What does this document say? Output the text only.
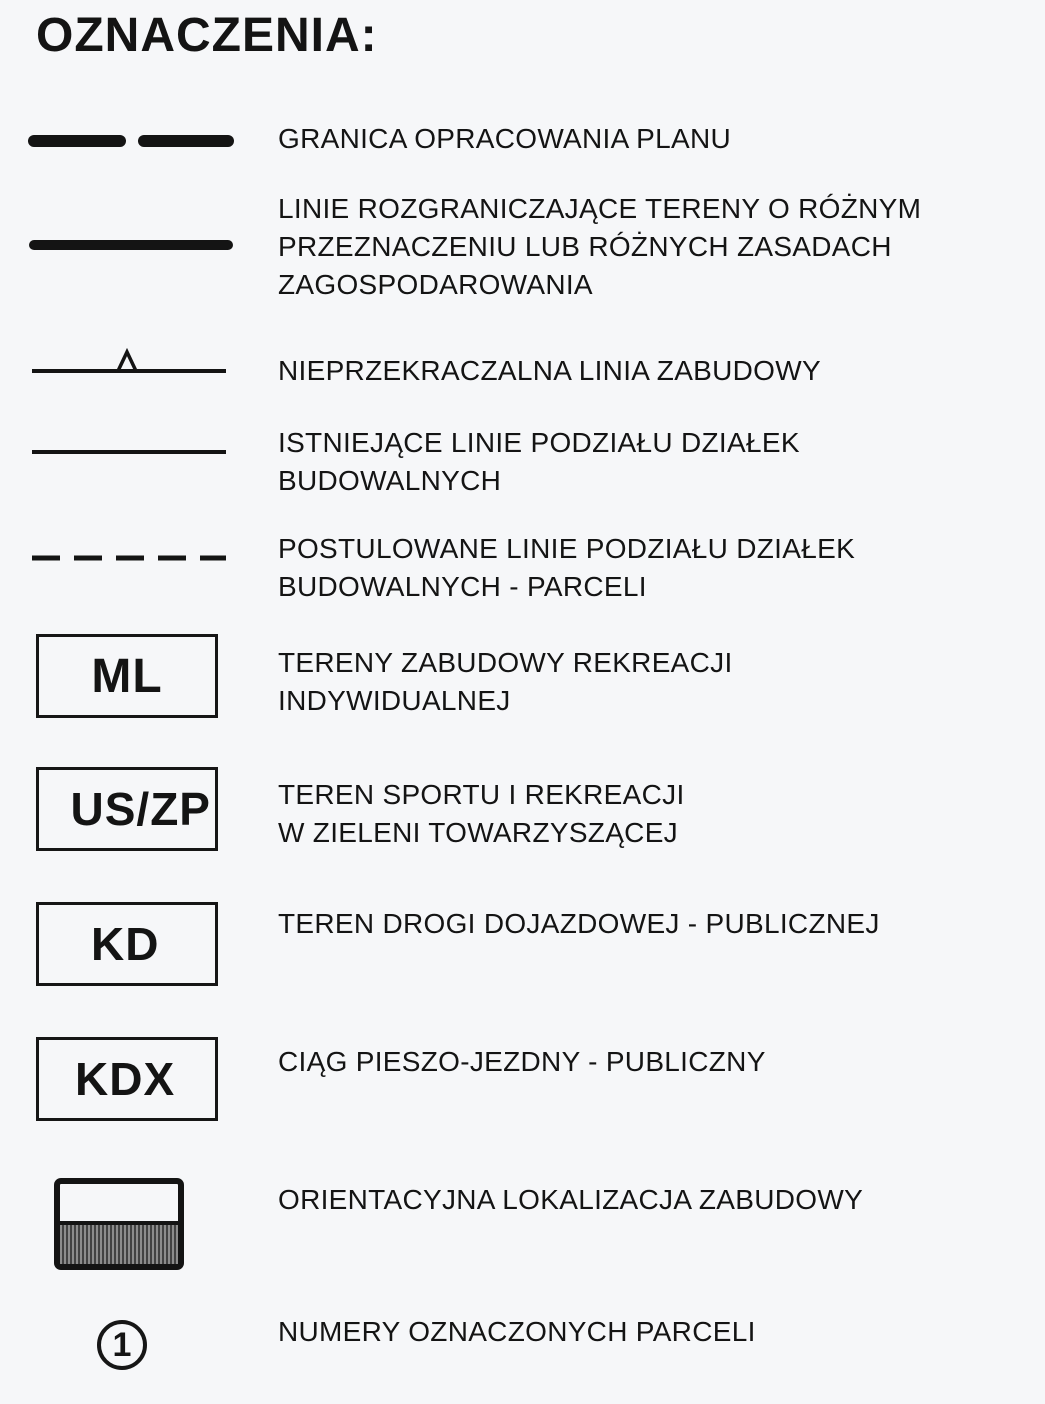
OZNACZENIA:
GRANICA OPRACOWANIA PLANU
LINIE ROZGRANICZAJĄCE TERENY O RÓŻNYM
PRZEZNACZENIU LUB RÓŻNYCH ZASADACH
ZAGOSPODAROWANIA
NIEPRZEKRACZALNA LINIA ZABUDOWY
ISTNIEJĄCE LINIE PODZIAŁU DZIAŁEK
BUDOWALNYCH
POSTULOWANE LINIE PODZIAŁU DZIAŁEK
BUDOWALNYCH - PARCELI
ML	TERENY ZABUDOWY REKREACJI
INDYWIDUALNEJ
US/ZP TEREN SPORTU I REKREACJI
W ZIELENI TOWARZYSZĄCEJ
KD	TEREN DROGI DOJAZDOWEJ - PUBLICZNEJ
KDX	CIĄG PIESZO-JEZDNY - PUBLICZNY
ORIENTACYJNA LOKALIZACJA ZABUDOWY
1	NUMERY OZNACZONYCH PARCELI
